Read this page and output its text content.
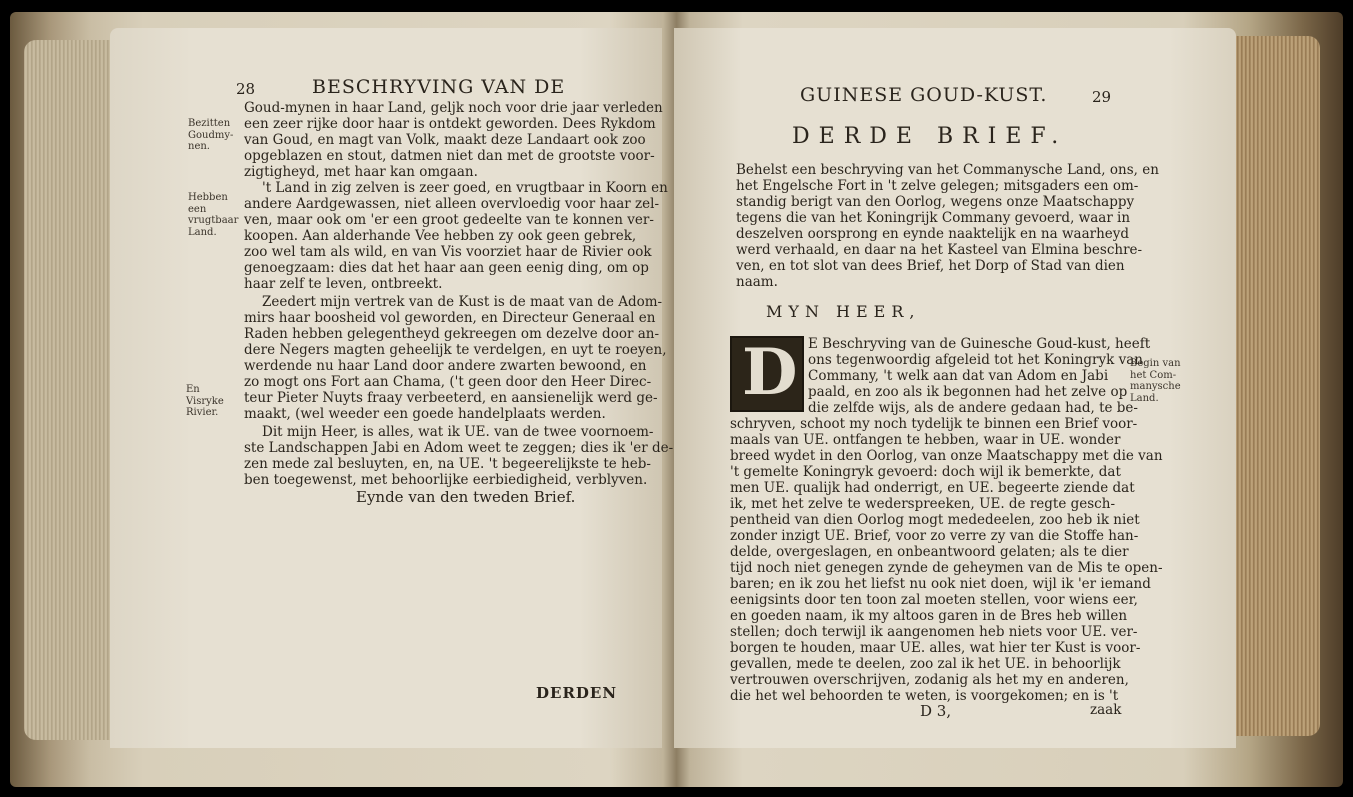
28	BESCHRYVING VAN DE
Bezitten Goudmy- nen.
Hebben een vrugtbaar Land.
En Visryke Rivier.
Goud-mynen in haar Land, geljk noch voor drie jaar verleden
een zeer rijke door haar is ontdekt geworden. Dees Rykdom
van Goud, en magt van Volk, maakt deze Landaart ook zoo
opgeblazen en stout, datmen niet dan met de grootste voor-
zigtigheyd, met haar kan omgaan.
't Land in zig zelven is zeer goed, en vrugtbaar in Koorn en
andere Aardgewassen, niet alleen overvloedig voor haar zel-
ven, maar ook om 'er een groot gedeelte van te konnen ver-
koopen. Aan alderhande Vee hebben zy ook geen gebrek,
zoo wel tam als wild, en van Vis voorziet haar de Rivier ook
genoegzaam: dies dat het haar aan geen eenig ding, om op
haar zelf te leven, ontbreekt.
Zeedert mijn vertrek van de Kust is de maat van de Adom-
mirs haar boosheid vol geworden, en Directeur Generaal en
Raden hebben gelegentheyd gekreegen om dezelve door an-
dere Negers magten geheelijk te verdelgen, en uyt te roeyen,
werdende nu haar Land door andere zwarten bewoond, en
zo mogt ons Fort aan Chama, ('t geen door den Heer Direc-
teur Pieter Nuyts fraay verbeeterd, en aansienelijk werd ge-
maakt, (wel weeder een goede handelplaats werden.
Dit mijn Heer, is alles, wat ik UE. van de twee voornoem-
ste Landschappen Jabi en Adom weet te zeggen; dies ik 'er de-
zen mede zal besluyten, en, na UE. 't begeerelijkste te heb-
ben toegewenst, met behoorlijke eerbiedigheid, verblyven.
Eynde van den tweden Brief.
DERDEN
GUINESE GOUD-KUST.	29
DERDE BRIEF.
Behelst een beschryving van het Commanysche Land, ons, en
het Engelsche Fort in 't zelve gelegen; mitsgaders een om-
standig berigt van den Oorlog, wegens onze Maatschappy
tegens die van het Koningrijk Commany gevoerd, waar in
deszelven oorsprong en eynde naaktelijk en na waarheyd
werd verhaald, en daar na het Kasteel van Elmina beschre-
ven, en tot slot van dees Brief, het Dorp of Stad van dien
naam.
MYN HEER,
D	Begin van het Com- manysche Land.
E Beschryving van de Guinesche Goud-kust, heeft
ons tegenwoordig afgeleid tot het Koningryk van
Commany, 't welk aan dat van Adom en Jabi
paald, en zoo als ik begonnen had het zelve op
die zelfde wijs, als de andere gedaan had, te be-
schryven, schoot my noch tydelijk te binnen een Brief voor-
maals van UE. ontfangen te hebben, waar in UE. wonder
breed wydet in den Oorlog, van onze Maatschappy met die van
't gemelte Koningryk gevoerd: doch wijl ik bemerkte, dat
men UE. qualijk had onderrigt, en UE. begeerte ziende dat
ik, met het zelve te wederspreeken, UE. de regte gesch-
pentheid van dien Oorlog mogt mededeelen, zoo heb ik niet
zonder inzigt UE. Brief, voor zo verre zy van die Stoffe han-
delde, overgeslagen, en onbeantwoord gelaten; als te dier
tijd noch niet genegen zynde de geheymen van de Mis te open-
baren; en ik zou het liefst nu ook niet doen, wijl ik 'er iemand
eenigsints door ten toon zal moeten stellen, voor wiens eer,
en goeden naam, ik my altoos garen in de Bres heb willen
stellen; doch terwijl ik aangenomen heb niets voor UE. ver-
borgen te houden, maar UE. alles, wat hier ter Kust is voor-
gevallen, mede te deelen, zoo zal ik het UE. in behoorlijk
vertrouwen overschrijven, zodanig als het my en anderen,
die het wel behoorden te weten, is voorgekomen; en is 't
D 3,	zaak
